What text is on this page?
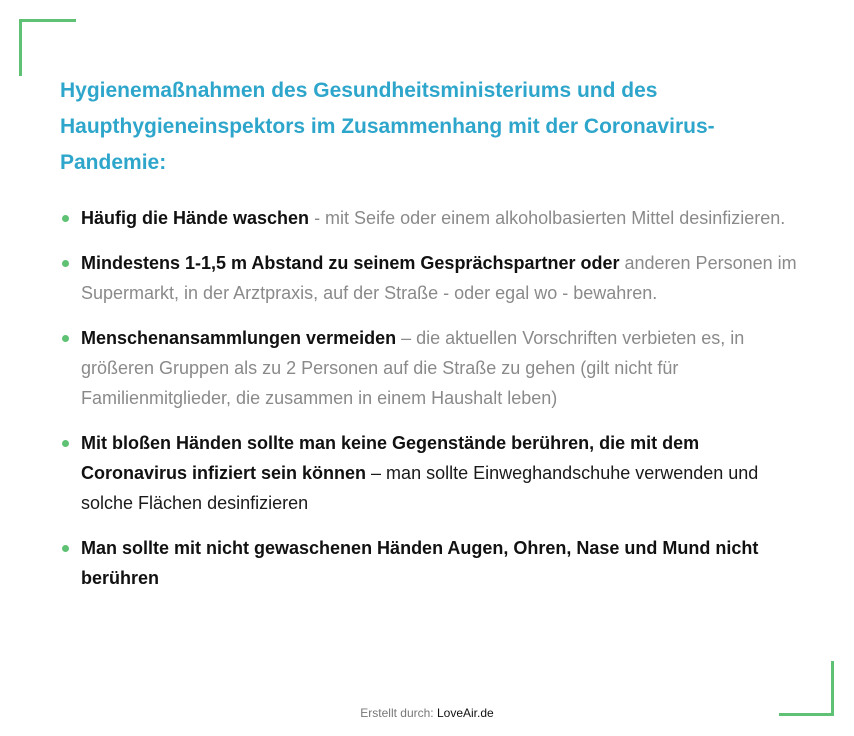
Hygienemaßnahmen des Gesundheitsministeriums und des Haupthygieneinspektors im Zusammenhang mit der Coronavirus-Pandemie:
Häufig die Hände waschen - mit Seife oder einem alkoholbasierten Mittel desinfizieren.
Mindestens 1-1,5 m Abstand zu seinem Gesprächspartner oder anderen Personen im Supermarkt, in der Arztpraxis, auf der Straße - oder egal wo - bewahren.
Menschenansammlungen vermeiden – die aktuellen Vorschriften verbieten es, in größeren Gruppen als zu 2 Personen auf die Straße zu gehen (gilt nicht für Familienmitglieder, die zusammen in einem Haushalt leben)
Mit bloßen Händen sollte man keine Gegenstände berühren, die mit dem Coronavirus infiziert sein können – man sollte Einweghandschuhe verwenden und solche Flächen desinfizieren
Man sollte mit nicht gewaschenen Händen Augen, Ohren, Nase und Mund nicht berühren
Erstellt durch: LoveAir.de
